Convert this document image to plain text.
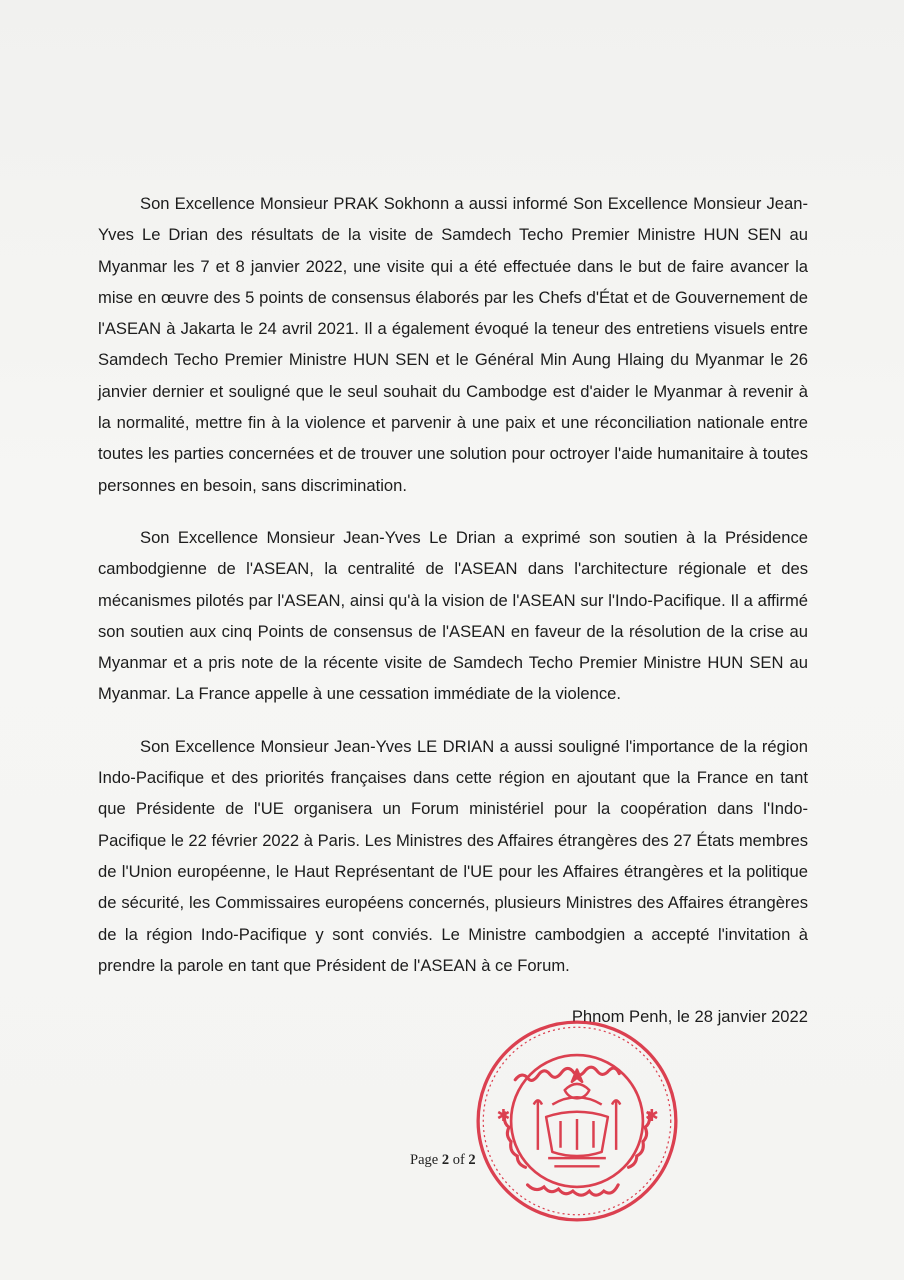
Son Excellence Monsieur PRAK Sokhonn a aussi informé Son Excellence Monsieur Jean-Yves Le Drian des résultats de la visite de Samdech Techo Premier Ministre HUN SEN au Myanmar les 7 et 8 janvier 2022, une visite qui a été effectuée dans le but de faire avancer la mise en œuvre des 5 points de consensus élaborés par les Chefs d'État et de Gouvernement de l'ASEAN à Jakarta le 24 avril 2021. Il a également évoqué la teneur des entretiens visuels entre Samdech Techo Premier Ministre HUN SEN et le Général Min Aung Hlaing du Myanmar le 26 janvier dernier et souligné que le seul souhait du Cambodge est d'aider le Myanmar à revenir à la normalité, mettre fin à la violence et parvenir à une paix et une réconciliation nationale entre toutes les parties concernées et de trouver une solution pour octroyer l'aide humanitaire à toutes personnes en besoin, sans discrimination.

Son Excellence Monsieur Jean-Yves Le Drian a exprimé son soutien à la Présidence cambodgienne de l'ASEAN, la centralité de l'ASEAN dans l'architecture régionale et des mécanismes pilotés par l'ASEAN, ainsi qu'à la vision de l'ASEAN sur l'Indo-Pacifique. Il a affirmé son soutien aux cinq Points de consensus de l'ASEAN en faveur de la résolution de la crise au Myanmar et a pris note de la récente visite de Samdech Techo Premier Ministre HUN SEN au Myanmar. La France appelle à une cessation immédiate de la violence.

Son Excellence Monsieur Jean-Yves LE DRIAN a aussi souligné l'importance de la région Indo-Pacifique et des priorités françaises dans cette région en ajoutant que la France en tant que Présidente de l'UE organisera un Forum ministériel pour la coopération dans l'Indo-Pacifique le 22 février 2022 à Paris. Les Ministres des Affaires étrangères des 27 États membres de l'Union européenne, le Haut Représentant de l'UE pour les Affaires étrangères et la politique de sécurité, les Commissaires européens concernés, plusieurs Ministres des Affaires étrangères de la région Indo-Pacifique y sont conviés. Le Ministre cambodgien a accepté l'invitation à prendre la parole en tant que Président de l'ASEAN à ce Forum.

Phnom Penh, le 28 janvier 2022
✱	✱
Page 2 of 2
